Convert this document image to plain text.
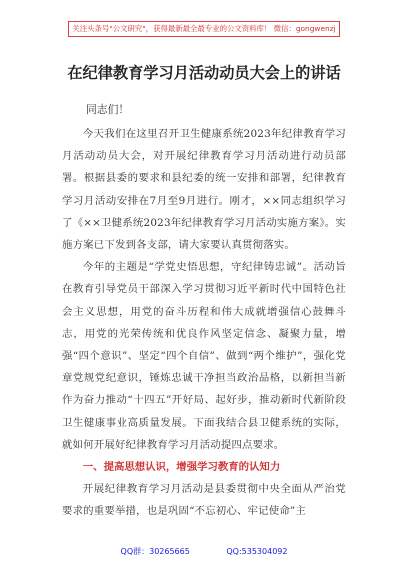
关注头条号"公文研究"，获得最新最全最专业的公文资料库！ 微信：gongwenzj
在纪律教育学习月活动动员大会上的讲话
同志们！

今天我们在这里召开卫生健康系统2023年纪律教育学习月活动动员大会，对开展纪律教育学习月活动进行动员部署。根据县委的要求和县纪委的统一安排和部署，纪律教育学习月活动安排在7月至9月进行。刚才，××同志组织学习了《××卫健系统2023年纪律教育学习月活动实施方案》。实施方案已下发到各支部，请大家要认真贯彻落实。

今年的主题是“学党史悟思想，守纪律铸忠诚”。活动旨在教育引导党员干部深入学习贯彻习近平新时代中国特色社会主义思想，用党的奋斗历程和伟大成就增强信心鼓舞斗志，用党的光荣传统和优良作风坚定信念、凝聚力量，增强“四个意识”、坚定“四个自信”、做到“两个维护”，强化党章党规党纪意识，锤炼忠诚干净担当政治品格，以新担当新作为奋力推动“十四五”开好局、起好步，推动新时代新阶段卫生健康事业高质量发展。下面我结合县卫健系统的实际，就如何开展好纪律教育学习月活动提四点要求。

一、提高思想认识，增强学习教育的认知力

开展纪律教育学习月活动是县委贯彻中央全面从严治党要求的重要举措，也是巩固“不忘初心、牢记使命”主

QQ群：30265665	QQ:535304092
